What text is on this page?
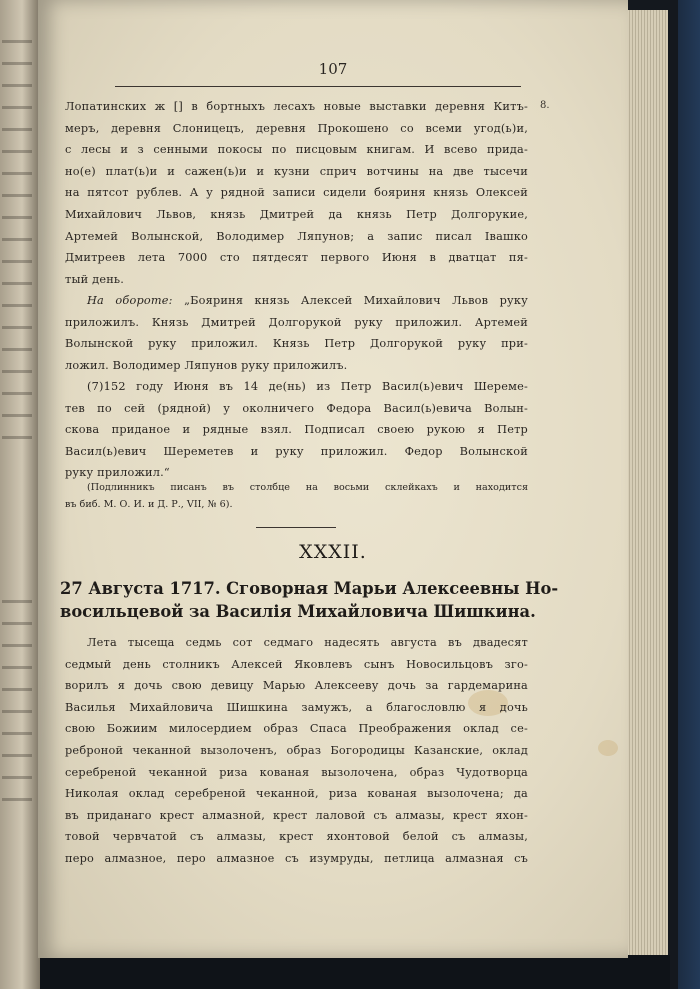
107
8.
Лопатинских ж [] в бортныхъ лесахъ новые выставки деревня Китъ-
меръ, деревня Слоницецъ, деревня Прокошено со всеми угод(ь)и,
с лесы и з сенными покосы по писцовым книгам. И всево прида-
но(е) плат(ь)и и сажен(ь)и и кузни сприч вотчины на две тысечи
на пятсот рублев. А у рядной записи сидели бояриня князь Олексей
Михайлович Львов, князь Дмитрей да князь Петр Долгорукие,
Артемей Волынской, Володимер Ляпунов; а запис писал Івашко
Дмитреев лета 7000 сто пятдесят первого Июня в дватцат пя-
тый день.
На обороте: „Бояриня князь Алексей Михайлович Львов руку
приложилъ. Князь Дмитрей Долгорукой руку приложил. Артемей
Волынской руку приложил. Князь Петр Долгорукой руку при-
ложил. Володимер Ляпунов руку приложилъ.
(7)152 году Июня въ 14 де(нь) из Петр Васил(ь)евич Шереме-
тев по сей (рядной) у околничего Федора Васил(ь)евича Волын-
скова приданое и рядные взял. Подписал своею рукою я Петр
Васил(ь)евич Шереметев и руку приложил. Федор Волынской
руку приложил.“
(Подлинникъ писанъ въ столбце на восьми склейкахъ и находится
въ биб. М. О. И. и Д. Р., VII, № 6).
XXXII.
27 Августа 1717. Сговорная Марьи Алексеевны Но-
восильцевой за Василія Михайловича Шишкина.
Лета тысеща седмь сот седмаго надесять августа въ двадесят
седмый день столникъ Алексей Яковлевъ сынъ Новосильцовъ зго-
ворилъ я дочь свою девицу Марью Алексееву дочь за гардемарина
Василья Михайловича Шишкина замужъ, а благословлю я дочь
свою Божиим милосердием образ Спаса Преображения оклад се-
реброной чеканной вызолоченъ, образ Богородицы Казанские, оклад
серебреной чеканной риза кованая вызолочена, образ Чудотворца
Николая оклад серебреной чеканной, риза кованая вызолочена; да
въ приданаго крест алмазной, крест лаловой съ алмазы, крест яхон-
товой червчатой съ алмазы, крест яхонтовой белой съ алмазы,
перо алмазное, перо алмазное съ изумруды, петлица алмазная съ
